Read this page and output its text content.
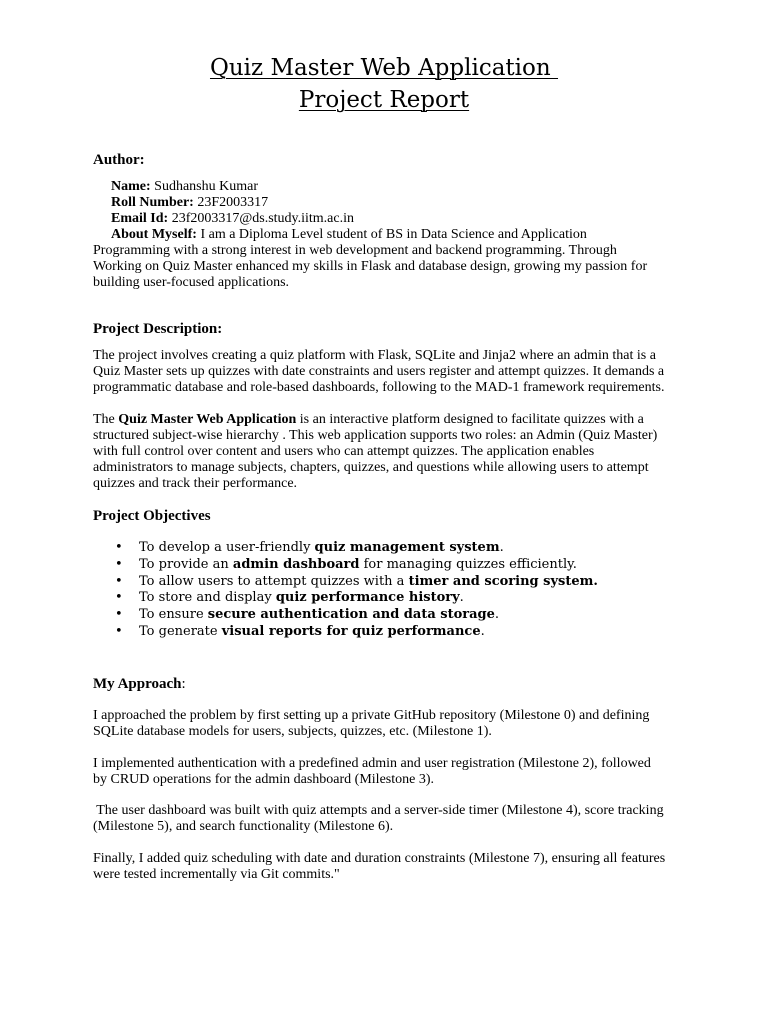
Quiz Master Web Application
Project Report
Author:
Name: Sudhanshu Kumar
Roll Number: 23F2003317
Email Id: 23f2003317@ds.study.iitm.ac.in
About Myself: I am a Diploma Level student of BS in Data Science and Application
Programming with a strong interest in web development and backend programming. Through
Working on Quiz Master enhanced my skills in Flask and database design, growing my passion for
building user-focused applications.
Project Description:
The project involves creating a quiz platform with Flask, SQLite and Jinja2 where an admin that is a
Quiz Master sets up quizzes with date constraints and users register and attempt quizzes. It demands a
programmatic database and role-based dashboards, following to the MAD-1 framework requirements.
The Quiz Master Web Application is an interactive platform designed to facilitate quizzes with a
structured subject-wise hierarchy . This web application supports two roles: an Admin (Quiz Master)
with full control over content and users who can attempt quizzes. The application enables
administrators to manage subjects, chapters, quizzes, and questions while allowing users to attempt
quizzes and track their performance.
Project Objectives
• To develop a user-friendly quiz management system.
• To provide an admin dashboard for managing quizzes efficiently.
• To allow users to attempt quizzes with a timer and scoring system.
• To store and display quiz performance history.
• To ensure secure authentication and data storage.
• To generate visual reports for quiz performance.
My Approach:
I approached the problem by first setting up a private GitHub repository (Milestone 0) and defining
SQLite database models for users, subjects, quizzes, etc. (Milestone 1).
I implemented authentication with a predefined admin and user registration (Milestone 2), followed
by CRUD operations for the admin dashboard (Milestone 3).
The user dashboard was built with quiz attempts and a server-side timer (Milestone 4), score tracking
(Milestone 5), and search functionality (Milestone 6).
Finally, I added quiz scheduling with date and duration constraints (Milestone 7), ensuring all features
were tested incrementally via Git commits."
